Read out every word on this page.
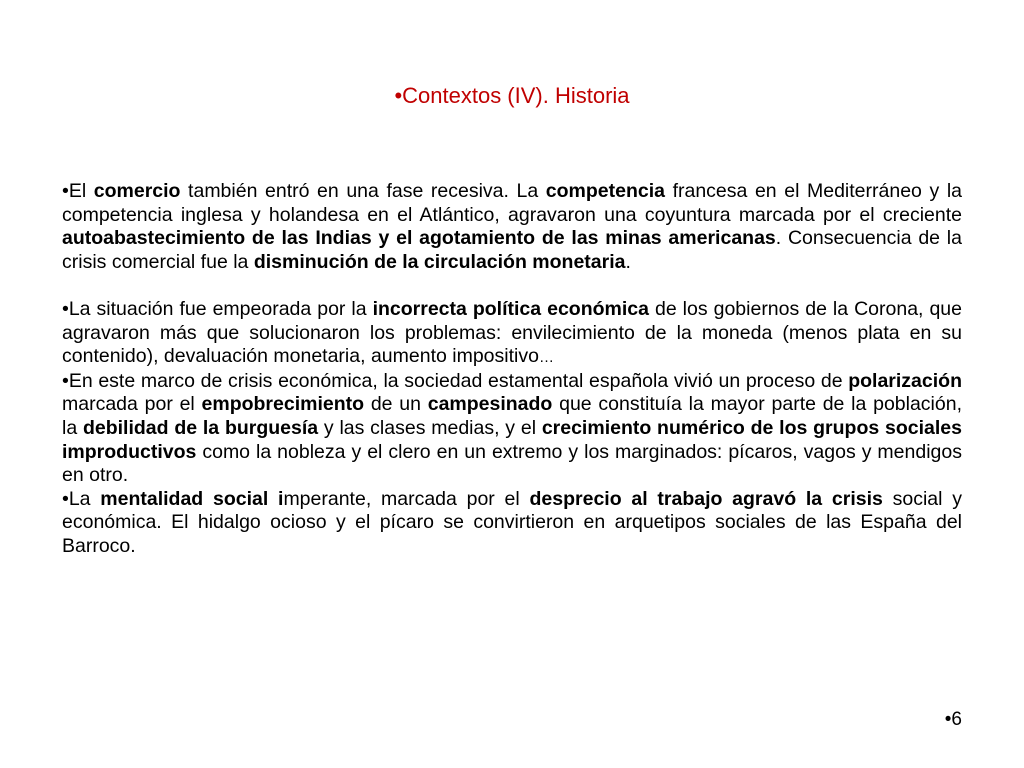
•Contextos (IV). Historia

•El comercio también entró en una fase recesiva. La competencia francesa en el Mediterráneo y la competencia inglesa y holandesa en el Atlántico, agravaron una coyuntura marcada por el creciente autoabastecimiento de las Indias y el agotamiento de las minas americanas. Consecuencia de la crisis comercial fue la disminución de la circulación monetaria.

•La situación fue empeorada por la incorrecta política económica de los gobiernos de la Corona, que agravaron más que solucionaron los problemas: envilecimiento de la moneda (menos plata en su contenido), devaluación monetaria, aumento impositivo…

•En este marco de crisis económica, la sociedad estamental española vivió un proceso de polarización marcada por el empobrecimiento de un campesinado que constituía la mayor parte de la población, la debilidad de la burguesía y las clases medias, y el crecimiento numérico de los grupos sociales improductivos como la nobleza y el clero en un extremo y los marginados: pícaros, vagos y mendigos en otro.

•La mentalidad social imperante, marcada por el desprecio al trabajo agravó la crisis social y económica. El hidalgo ocioso y el pícaro se convirtieron en arquetipos sociales de las España del Barroco.

•6
